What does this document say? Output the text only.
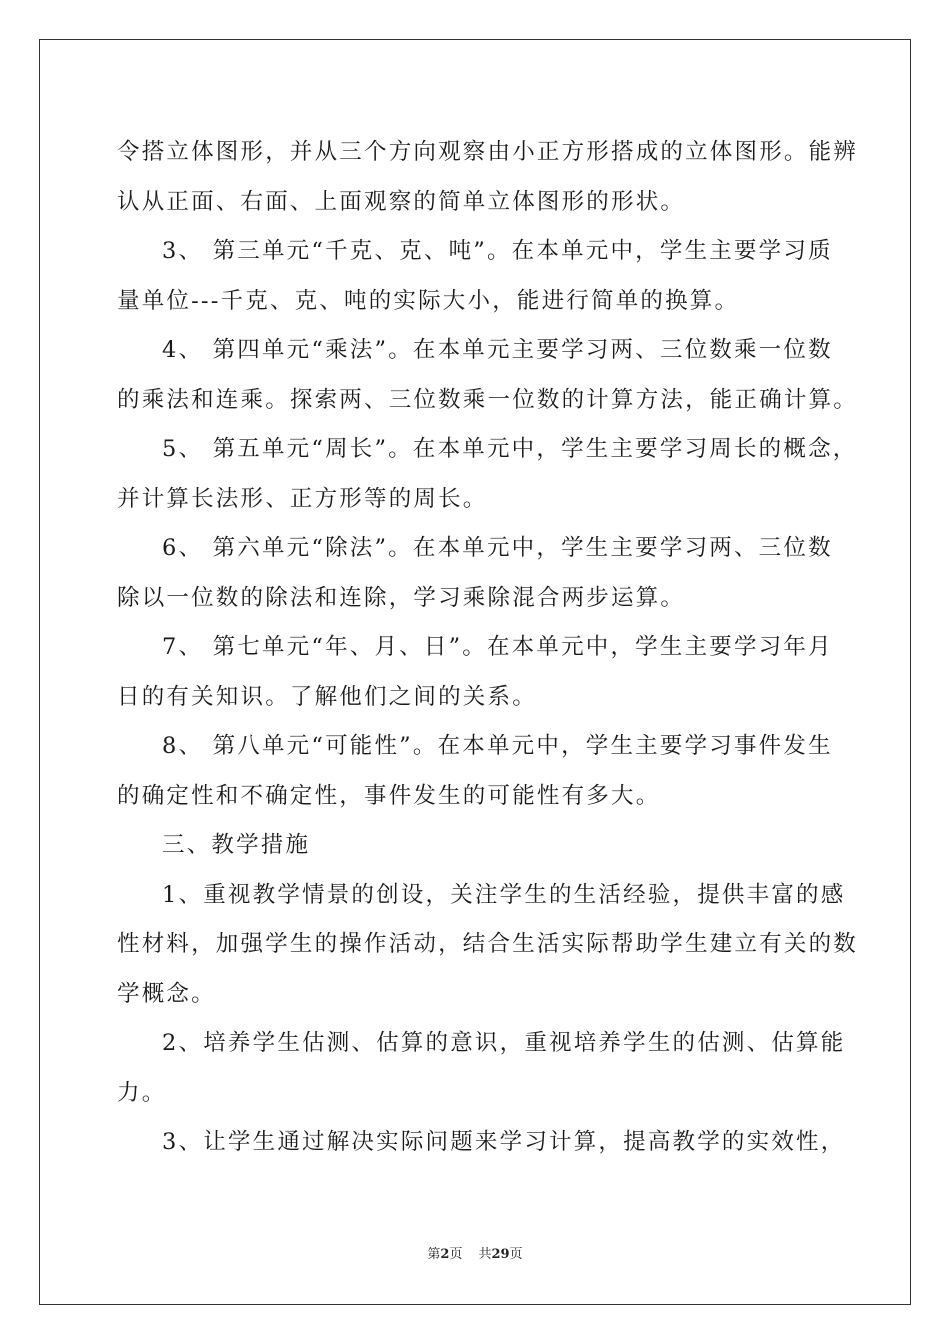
令搭立体图形，并从三个方向观察由小正方形搭成的立体图形。能辨
认从正面、右面、上面观察的简单立体图形的形状。
3、 第三单元“千克、克、吨”。在本单元中，学生主要学习质
量单位---千克、克、吨的实际大小，能进行简单的换算。
4、 第四单元“乘法”。在本单元主要学习两、三位数乘一位数
的乘法和连乘。探索两、三位数乘一位数的计算方法，能正确计算。
5、 第五单元“周长”。在本单元中，学生主要学习周长的概念，
并计算长法形、正方形等的周长。
6、 第六单元“除法”。在本单元中，学生主要学习两、三位数
除以一位数的除法和连除，学习乘除混合两步运算。
7、 第七单元“年、月、日”。在本单元中，学生主要学习年月
日的有关知识。了解他们之间的关系。
8、 第八单元“可能性”。在本单元中，学生主要学习事件发生
的确定性和不确定性，事件发生的可能性有多大。
三、教学措施
1、重视教学情景的创设，关注学生的生活经验，提供丰富的感
性材料，加强学生的操作活动，结合生活实际帮助学生建立有关的数
学概念。
2、培养学生估测、估算的意识，重视培养学生的估测、估算能
力。
3、让学生通过解决实际问题来学习计算，提高教学的实效性，
第2页 共29页
